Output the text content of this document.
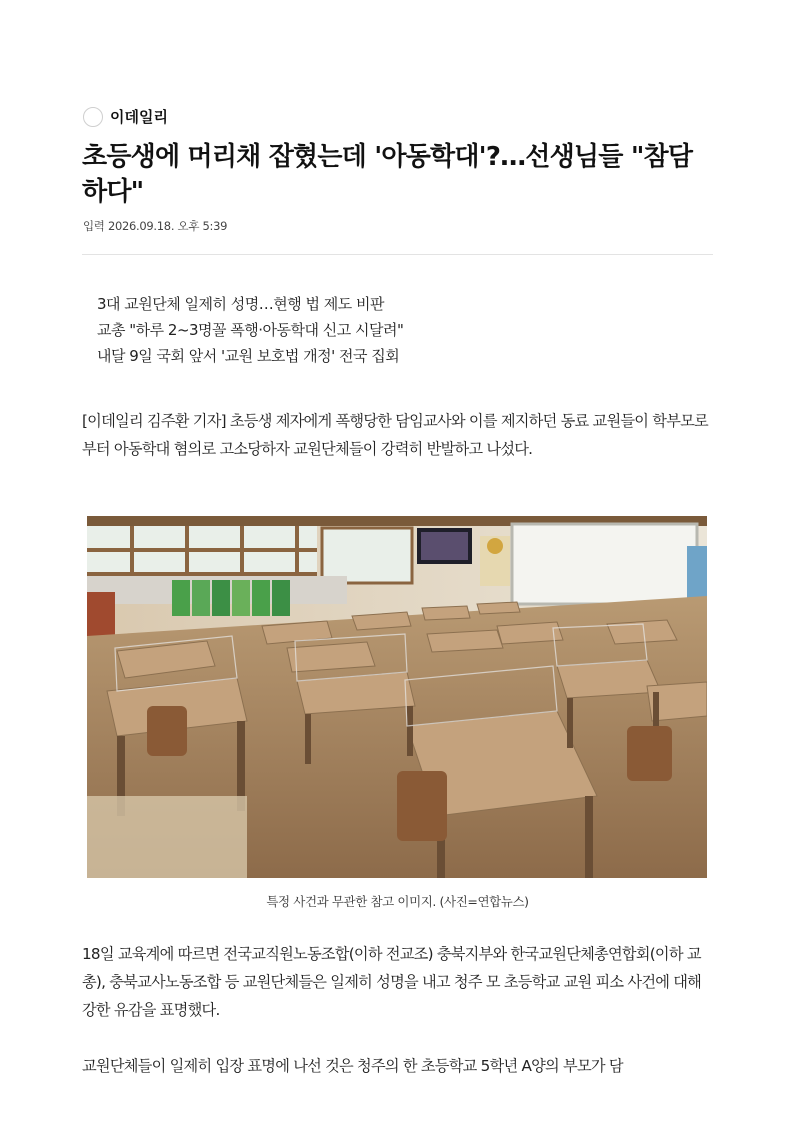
이데일리
초등생에 머리채 잡혔는데 '아동학대'?…선생님들 "참담하다"
입력 2026.09.18. 오후 5:39
3대 교원단체 일제히 성명…현행 법 제도 비판
교총 "하루 2~3명꼴 폭행·아동학대 신고 시달려"
내달 9일 국회 앞서 '교원 보호법 개정' 전국 집회

[이데일리 김주환 기자] 초등생 제자에게 폭행당한 담임교사와 이를 제지하던 동료 교원들이 학부모로부터 아동학대 혐의로 고소당하자 교원단체들이 강력히 반발하고 나섰다.

특정 사건과 무관한 참고 이미지. (사진=연합뉴스)

18일 교육계에 따르면 전국교직원노동조합(이하 전교조) 충북지부와 한국교원단체총연합회(이하 교총), 충북교사노동조합 등 교원단체들은 일제히 성명을 내고 청주 모 초등학교 교원 피소 사건에 대해 강한 유감을 표명했다.

교원단체들이 일제히 입장 표명에 나선 것은 청주의 한 초등학교 5학년 A양의 부모가 담
